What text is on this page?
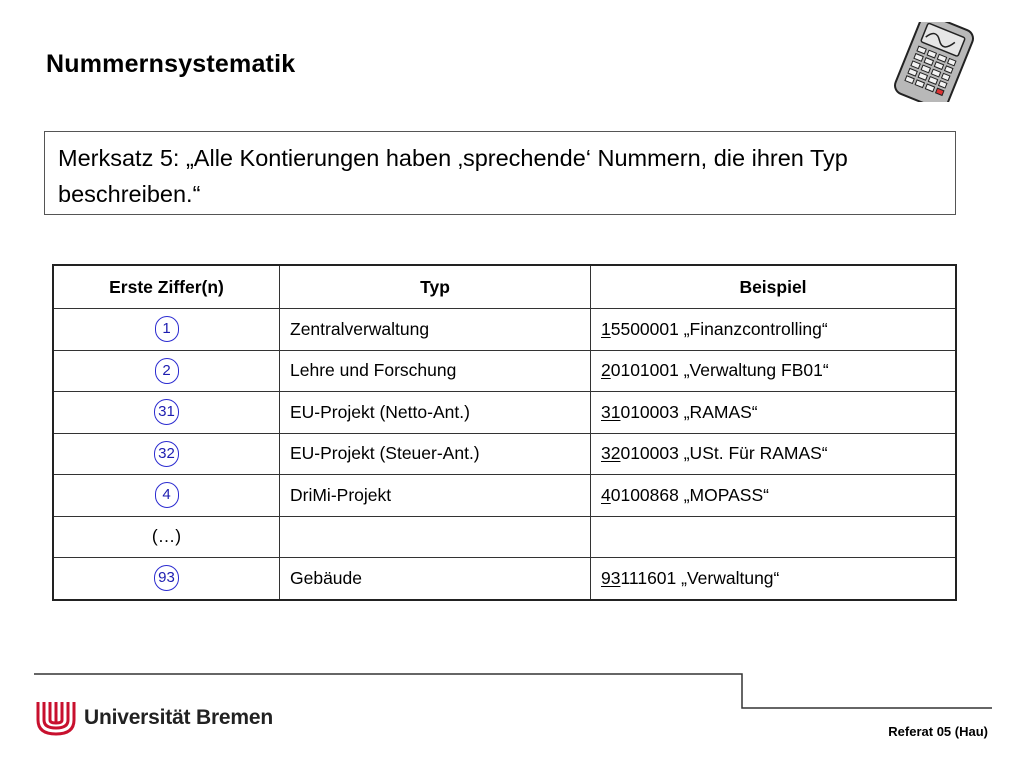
Nummernsystematik
Merksatz 5: „Alle Kontierungen haben ‚sprechende‘ Nummern, die ihren Typ beschreiben.“
Erste Ziffer(n)	Typ	Beispiel
1	Zentralverwaltung	15500001 „Finanzcontrolling“
2	Lehre und Forschung	20101001 „Verwaltung FB01“
31	EU-Projekt (Netto-Ant.)	31010003 „RAMAS“
32	EU-Projekt (Steuer-Ant.)	32010003 „USt. Für RAMAS“
4	DriMi-Projekt	40100868 „MOPASS“
(…)		
93	Gebäude	93111601 „Verwaltung“
Universität Bremen
Referat 05 (Hau)
